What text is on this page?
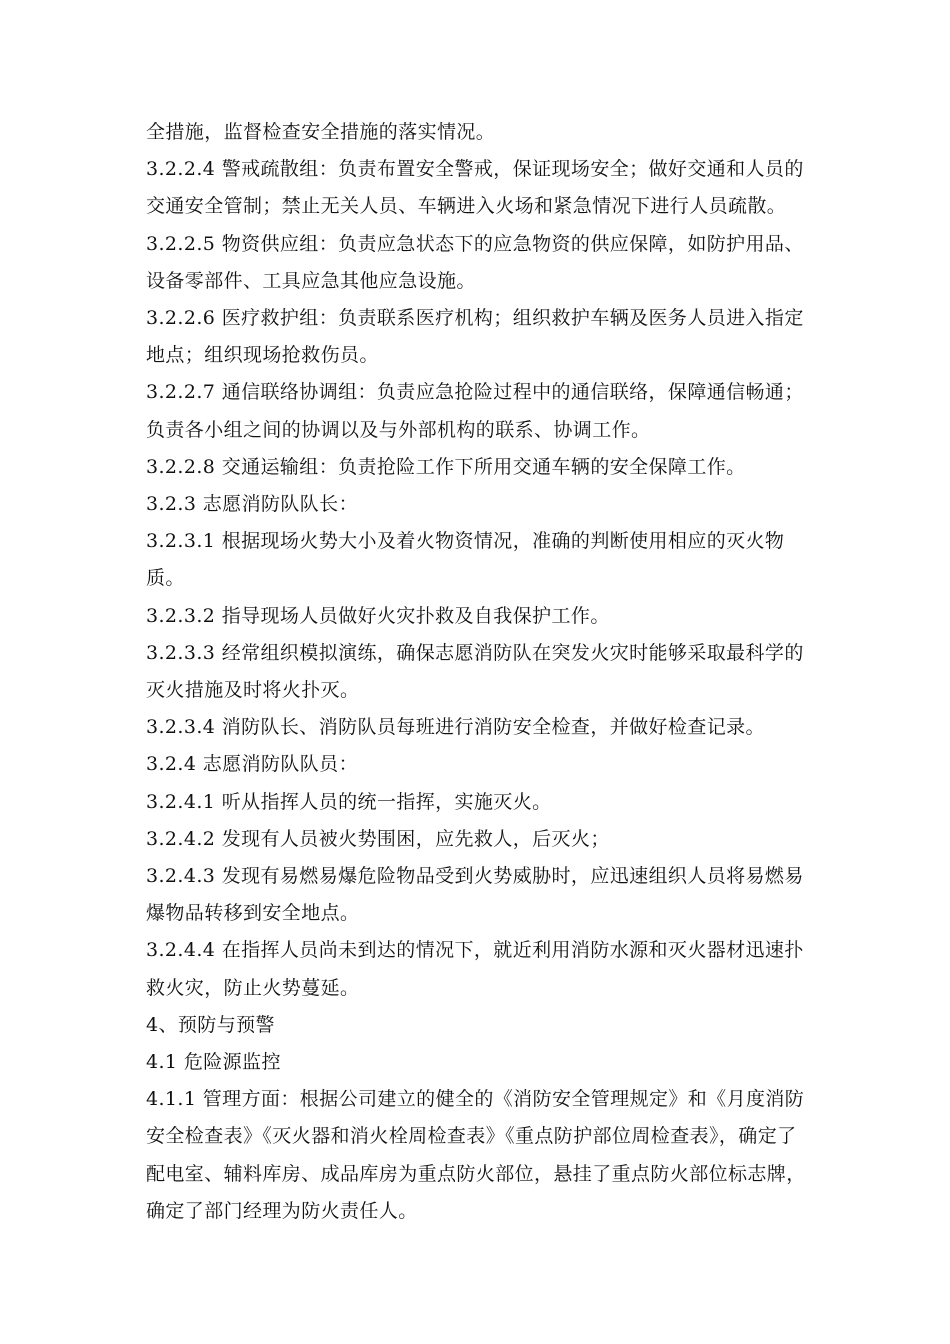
全措施，监督检查安全措施的落实情况。

3.2.2.4 警戒疏散组：负责布置安全警戒，保证现场安全；做好交通和人员的交通安全管制；禁止无关人员、车辆进入火场和紧急情况下进行人员疏散。

3.2.2.5 物资供应组：负责应急状态下的应急物资的供应保障，如防护用品、设备零部件、工具应急其他应急设施。

3.2.2.6 医疗救护组：负责联系医疗机构；组织救护车辆及医务人员进入指定地点；组织现场抢救伤员。

3.2.2.7 通信联络协调组：负责应急抢险过程中的通信联络，保障通信畅通；负责各小组之间的协调以及与外部机构的联系、协调工作。

3.2.2.8 交通运输组：负责抢险工作下所用交通车辆的安全保障工作。

3.2.3 志愿消防队队长：

3.2.3.1 根据现场火势大小及着火物资情况，准确的判断使用相应的灭火物质。

3.2.3.2 指导现场人员做好火灾扑救及自我保护工作。

3.2.3.3 经常组织模拟演练，确保志愿消防队在突发火灾时能够采取最科学的灭火措施及时将火扑灭。

3.2.3.4 消防队长、消防队员每班进行消防安全检查，并做好检查记录。

3.2.4 志愿消防队队员：

3.2.4.1 听从指挥人员的统一指挥，实施灭火。

3.2.4.2 发现有人员被火势围困，应先救人，后灭火；

3.2.4.3 发现有易燃易爆危险物品受到火势威胁时，应迅速组织人员将易燃易爆物品转移到安全地点。

3.2.4.4 在指挥人员尚未到达的情况下，就近利用消防水源和灭火器材迅速扑救火灾，防止火势蔓延。

4、预防与预警

4.1 危险源监控

4.1.1 管理方面：根据公司建立的健全的《消防安全管理规定》和《月度消防安全检查表》《灭火器和消火栓周检查表》《重点防护部位周检查表》，确定了配电室、辅料库房、成品库房为重点防火部位，悬挂了重点防火部位标志牌，确定了部门经理为防火责任人。
